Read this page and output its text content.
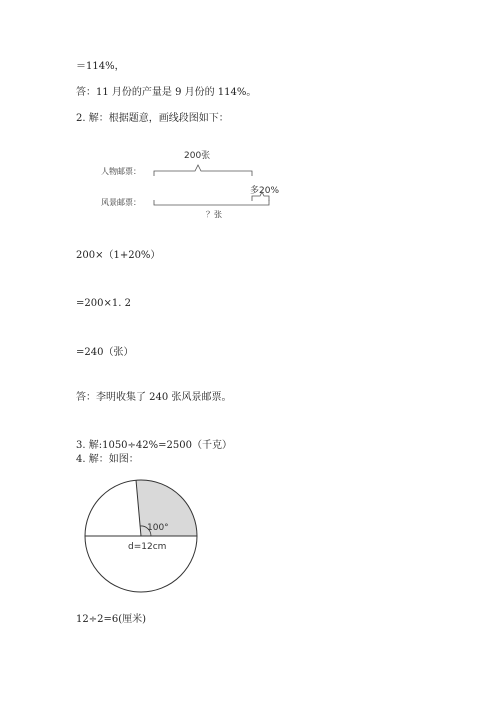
＝114%，
答：11 月份的产量是 9 月份的 114%。
2. 解：根据题意，画线段图如下：
人物邮票：
200张
风景邮票：
多20%
？张
200×（1+20%）
=200×1. 2
=240（张）
答：李明收集了 240 张风景邮票。
3. 解:1050÷42%=2500（千克）
4. 解：如图：
100°
d=12cm
12÷2=6(厘米)
